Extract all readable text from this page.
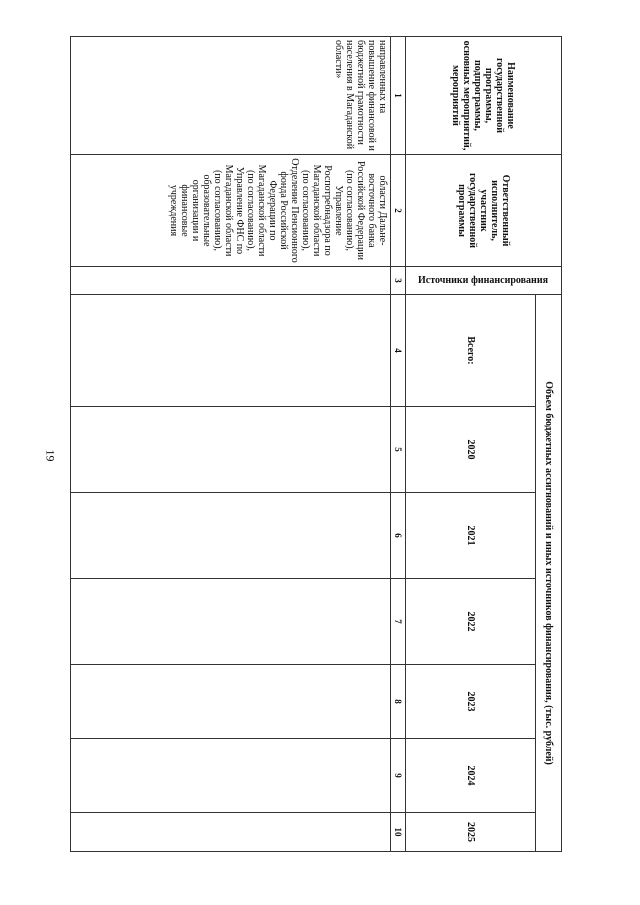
19
Наименование государственной программы, подпрограммы, основных мероприятий, мероприятий	Ответственный исполнитель, участник государственной программы	Источники финансирования	Объем бюджетных ассигнований и иных источников финансирования, (тыс. рублей)						
			Всего:	2020	2021	2022	2023	2024	2025
1	2	3	4	5	6	7	8	9	10
направленных на повышение финансовой и бюджетной грамотности населения в Магаданской области»	области Дальне-восточного банка Российской Федерации (по согласованию), Управление Роспотребнадзора по Магаданской области (по согласованию), Отделение Пенсионного фонда Российской Федерации по Магаданской области (по согласованию), Управление ФНС по Магаданской области (по согласованию), образовательные организации и финансовые учреждения								
